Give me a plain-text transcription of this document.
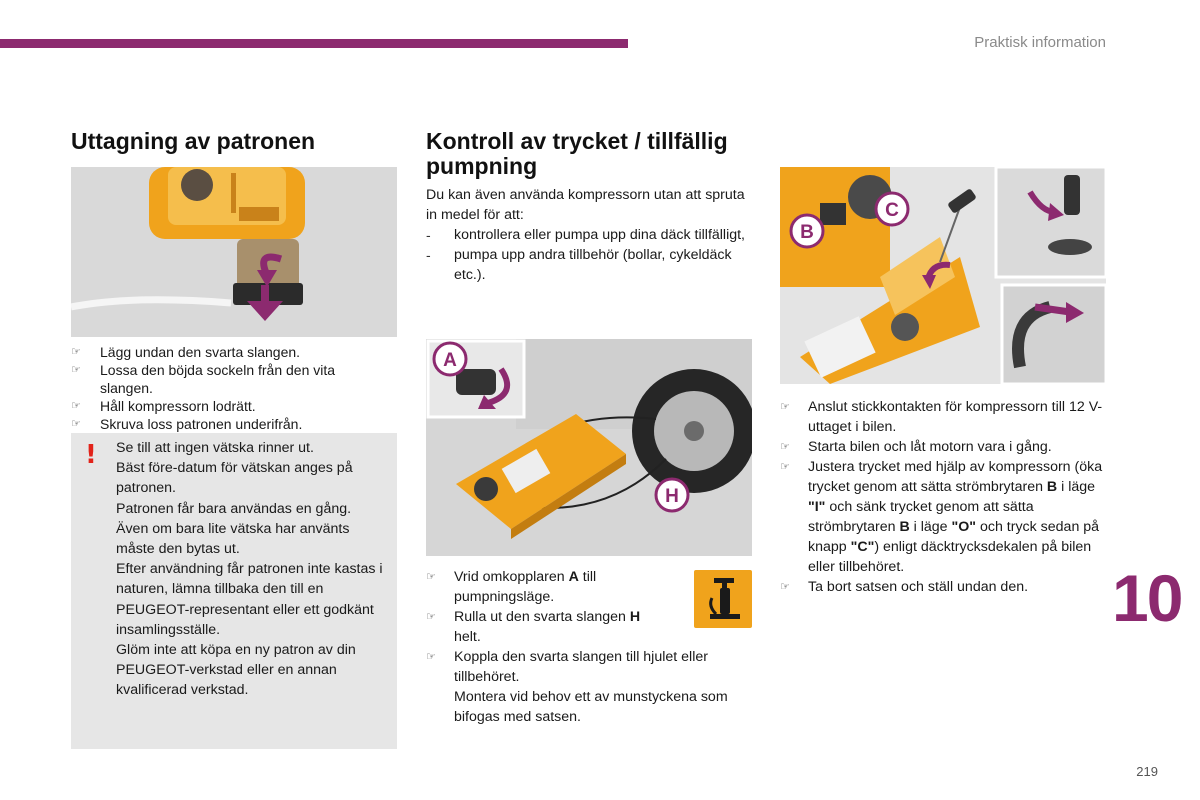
Praktisk information
Uttagning av patronen
☞ Lägg undan den svarta slangen.
☞ Lossa den böjda sockeln från den vita slangen.
☞ Håll kompressorn lodrätt.
☞ Skruva loss patronen underifrån.
! Se till att ingen vätska rinner ut.

Bäst före-datum för vätskan anges på patronen.

Patronen får bara användas en gång. Även om bara lite vätska har använts måste den bytas ut.

Efter användning får patronen inte kastas i naturen, lämna tillbaka den till en PEUGEOT-representant eller ett godkänt insamlingsställe.

Glöm inte att köpa en ny patron av din PEUGEOT-verkstad eller en annan kvalificerad verkstad.

Kontroll av trycket / tillfällig pumpning

Du kan även använda kompressorn utan att spruta in medel för att:

- kontrollera eller pumpa upp dina däck tillfälligt,
- pumpa upp andra tillbehör (bollar, cykeldäck etc.).
A
H
☞ Vrid omkopplaren A till pumpningsläge.
☞ Rulla ut den svarta slangen H helt.
☞ Koppla den svarta slangen till hjulet eller tillbehöret.
Montera vid behov ett av munstyckena som bifogas med satsen.
B
C
☞ Anslut stickkontakten för kompressorn till 12 V-uttaget i bilen.
☞ Starta bilen och låt motorn vara i gång.
☞ Justera trycket med hjälp av kompressorn (öka trycket genom att sätta strömbrytaren B i läge "I" och sänk trycket genom att sätta strömbrytaren B i läge "O" och tryck sedan på knapp "C") enligt däcktrycksdekalen på bilen eller tillbehöret.
☞ Ta bort satsen och ställ undan den.	10
219
